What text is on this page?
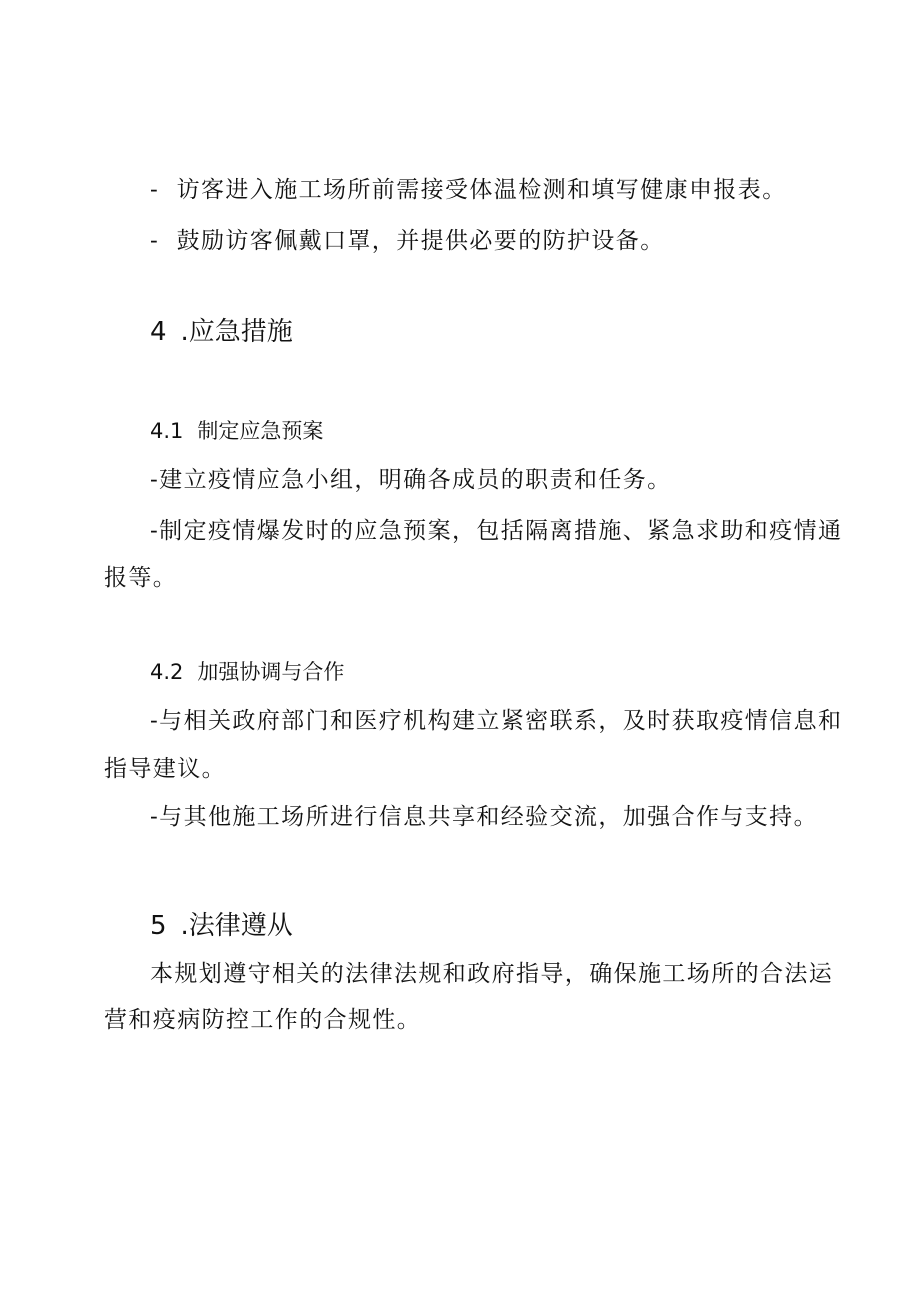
- 访客进入施工场所前需接受体温检测和填写健康申报表。
- 鼓励访客佩戴口罩，并提供必要的防护设备。
4 .应急措施
4.1 制定应急预案
-建立疫情应急小组，明确各成员的职责和任务。
-制定疫情爆发时的应急预案，包括隔离措施、紧急求助和疫情通
报等。
4.2 加强协调与合作
-与相关政府部门和医疗机构建立紧密联系，及时获取疫情信息和
指导建议。
-与其他施工场所进行信息共享和经验交流，加强合作与支持。
5 .法律遵从
本规划遵守相关的法律法规和政府指导，确保施工场所的合法运
营和疫病防控工作的合规性。
